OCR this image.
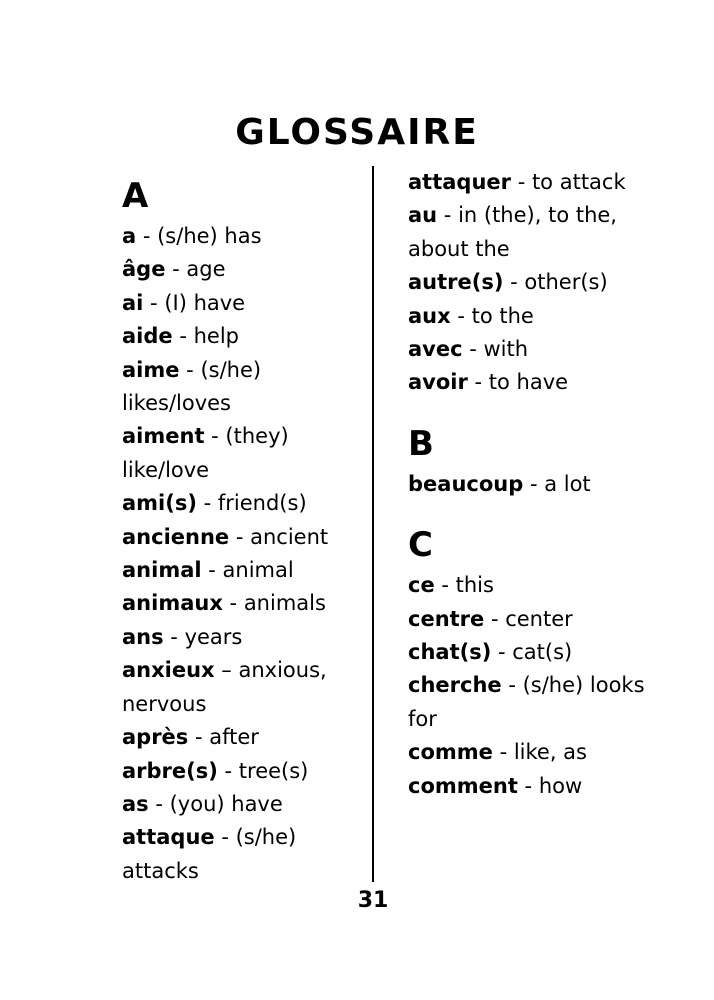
GLOSSAIRE
A
a - (s/he) has
âge - age
ai - (I) have
aide - help
aime - (s/he) likes/loves
aiment - (they) like/love
ami(s) - friend(s)
ancienne - ancient
animal - animal
animaux - animals
ans - years
anxieux – anxious, nervous
après - after
arbre(s) - tree(s)
as - (you) have
attaque - (s/he) attacks
attaquer - to attack
au - in (the), to the, about the
autre(s) - other(s)
aux - to the
avec - with
avoir - to have
B
beaucoup - a lot
C
ce - this
centre - center
chat(s) - cat(s)
cherche - (s/he) looks for
comme - like, as
comment - how
31
